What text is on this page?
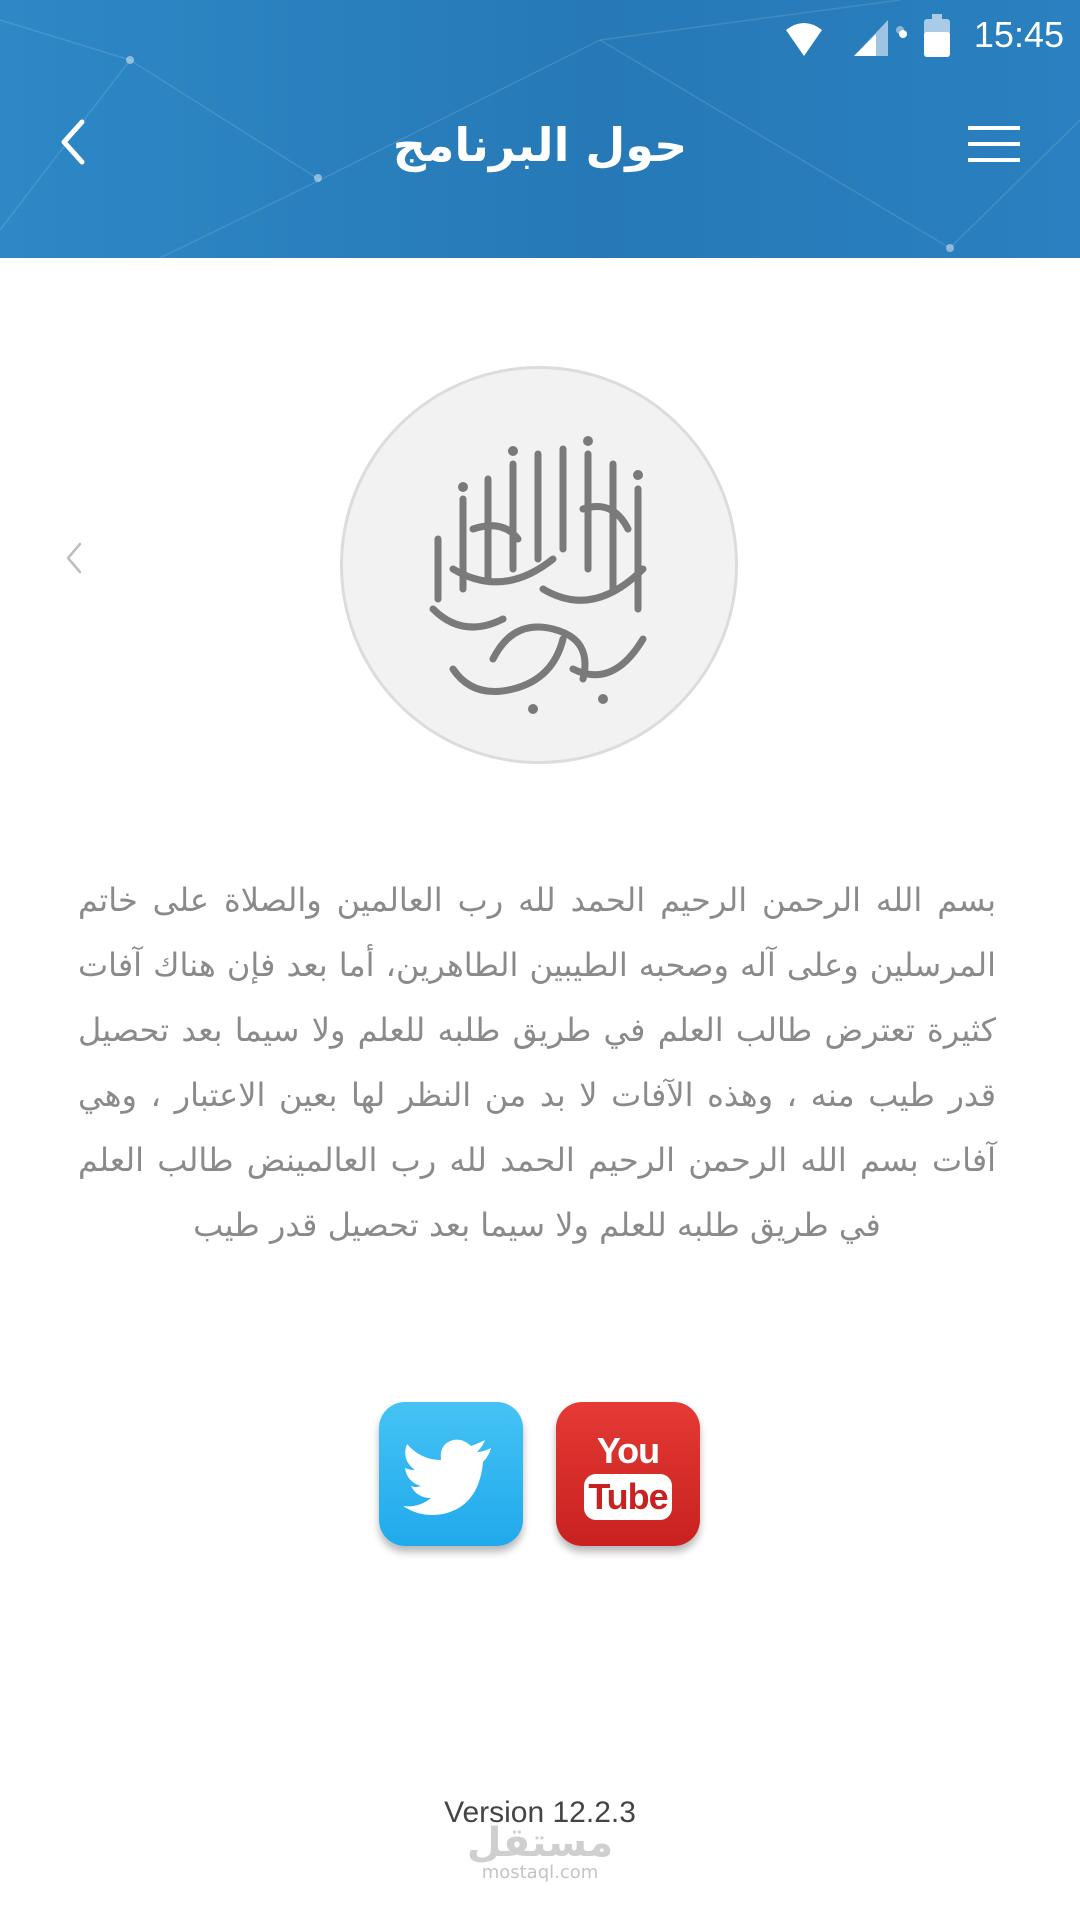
15:45
حول البرنامج
بسم الله الرحمن الرحيم الحمد لله رب العالمين والصلاة على خاتم المرسلين وعلى آله وصحبه الطيبين الطاهرين، أما بعد فإن هناك آفات كثيرة تعترض طالب العلم في طريق طلبه للعلم ولا سيما بعد تحصيل قدر طيب منه ، وهذه الآفات لا بد من النظر لها بعين الاعتبار ، وهي آفات بسم الله الرحمن الرحيم الحمد لله رب العالمينض طالب العلم في طريق طلبه للعلم ولا سيما بعد تحصيل قدر طيب
You
Tube
Version 12.2.3
مستقل
mostaql.com
